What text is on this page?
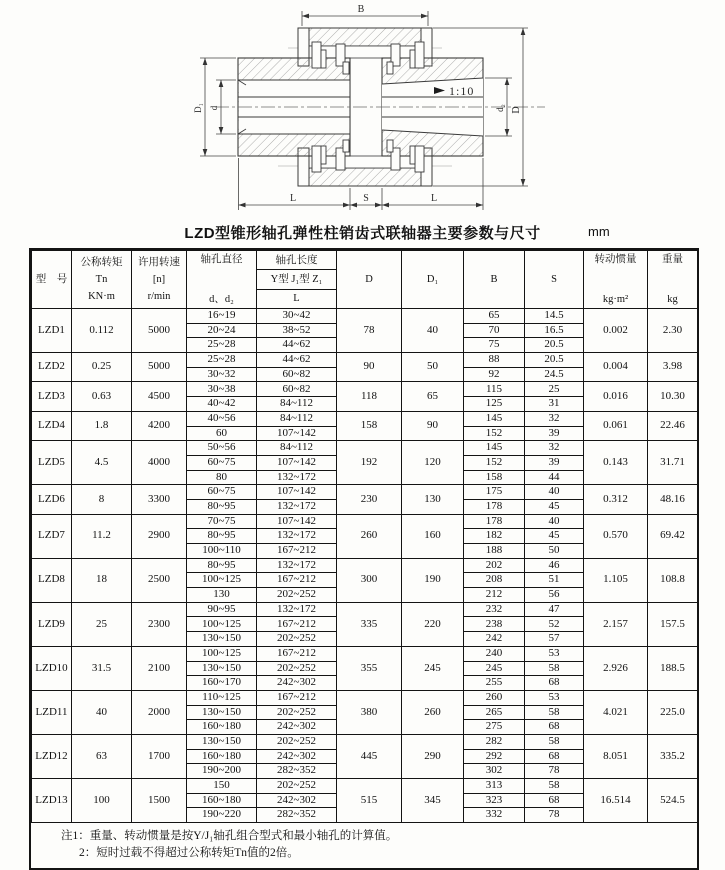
1:10
B
D
D₁ d	d₂
L	S	L
LZD型锥形轴孔弹性柱销齿式联轴器主要参数与尺寸	mm
型　号

公称转矩
Tn
KN·m

许用转速
[n]
r/min

轴孔直径
d、d₂

轴孔长度
Y型 J₁型 Z₁
L

D	D₁	B	S

转动惯量
kg·m²

重量
kg

LZD1	0.112	5000	16~19	30~42	78	40	65	14.5	0.002	2.30
			20~24	38~52			70	16.5		
			25~28	44~62			75	20.5		
LZD2	0.25	5000	25~28	44~62	90	50	88	20.5	0.004	3.98
			30~32	60~82			92	24.5		
LZD3	0.63	4500	30~38	60~82	118	65	115	25	0.016	10.30
			40~42	84~112			125	31		
LZD4	1.8	4200	40~56	84~112	158	90	145	32	0.061	22.46
			60	107~142			152	39		
LZD5	4.5	4000	50~56	84~112	192	120	145	32	0.143	31.71
			60~75	107~142			152	39		
			80	132~172			158	44		
LZD6	8	3300	60~75	107~142	230	130	175	40	0.312	48.16
			80~95	132~172			178	45		
LZD7	11.2	2900	70~75	107~142	260	160	178	40	0.570	69.42
			80~95	132~172			182	45		
			100~110	167~212			188	50		
LZD8	18	2500	80~95	132~172	300	190	202	46	1.105	108.8
			100~125	167~212			208	51		
			130	202~252			212	56		
LZD9	25	2300	90~95	132~172	335	220	232	47	2.157	157.5
			100~125	167~212			238	52		
			130~150	202~252			242	57		
LZD10	31.5	2100	100~125	167~212	355	245	240	53	2.926	188.5
			130~150	202~252			245	58		
			160~170	242~302			255	68		
LZD11	40	2000	110~125	167~212	380	260	260	53	4.021	225.0
			130~150	202~252			265	58		
			160~180	242~302			275	68		
LZD12	63	1700	130~150	202~252	445	290	282	58	8.051	335.2
			160~180	242~302			292	68		
			190~200	282~352			302	78		
LZD13	100	1500	150	202~252	515	345	313	58	16.514	524.5
			160~180	242~302			323	68		
			190~220	282~352			332	78		
注1：重量、转动惯量是按Y/J₁轴孔组合型式和最小轴孔的计算值。
2：短时过载不得超过公称转矩Tn值的2倍。
